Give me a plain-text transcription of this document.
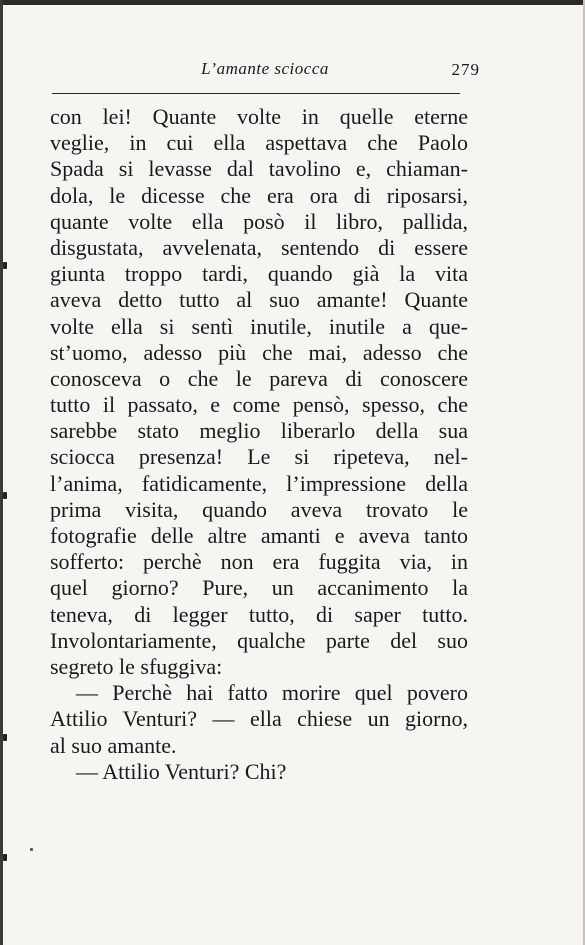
L’amante sciocca	279
con lei! Quante volte in quelle eterne
veglie, in cui ella aspettava che Paolo
Spada si levasse dal tavolino e, chiaman-
dola, le dicesse che era ora di riposarsi,
quante volte ella posò il libro, pallida,
disgustata, avvelenata, sentendo di essere
giunta troppo tardi, quando già la vita
aveva detto tutto al suo amante! Quante
volte ella si sentì inutile, inutile a que-
st’uomo, adesso più che mai, adesso che
conosceva o che le pareva di conoscere
tutto il passato, e come pensò, spesso, che
sarebbe stato meglio liberarlo della sua
sciocca presenza! Le si ripeteva, nel-
l’anima, fatidicamente, l’impressione della
prima visita, quando aveva trovato le
fotografie delle altre amanti e aveva tanto
sofferto: perchè non era fuggita via, in
quel giorno? Pure, un accanimento la
teneva, di legger tutto, di saper tutto.
Involontariamente, qualche parte del suo
segreto le sfuggiva:
— Perchè hai fatto morire quel povero
Attilio Venturi? — ella chiese un giorno,
al suo amante.
— Attilio Venturi? Chi?
